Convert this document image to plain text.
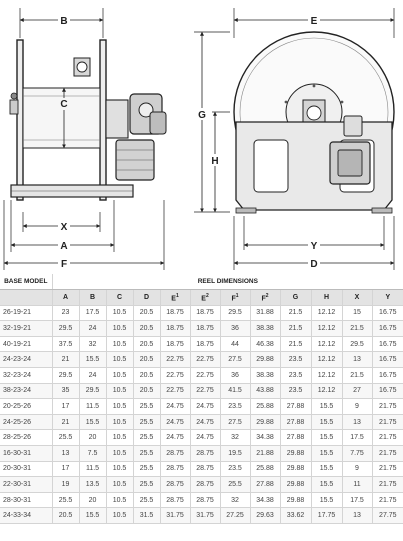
B
C
X
A
F
E
G
H
Y
D
BASE MODEL	REEL DIMENSIONS											
	A	B	C	D	$E^1$	$E^2$	$F^1$	$F^2$	G	H	X	Y
26-19-21	23	17.5	10.5	20.5	18.75	18.75	29.5	31.88	21.5	12.12	15	16.75
32-19-21	29.5	24	10.5	20.5	18.75	18.75	36	38.38	21.5	12.12	21.5	16.75
40-19-21	37.5	32	10.5	20.5	18.75	18.75	44	46.38	21.5	12.12	29.5	16.75
24-23-24	21	15.5	10.5	20.5	22.75	22.75	27.5	29.88	23.5	12.12	13	16.75
32-23-24	29.5	24	10.5	20.5	22.75	22.75	36	38.38	23.5	12.12	21.5	16.75
38-23-24	35	29.5	10.5	20.5	22.75	22.75	41.5	43.88	23.5	12.12	27	16.75
20-25-26	17	11.5	10.5	25.5	24.75	24.75	23.5	25.88	27.88	15.5	9	21.75
24-25-26	21	15.5	10.5	25.5	24.75	24.75	27.5	29.88	27.88	15.5	13	21.75
28-25-26	25.5	20	10.5	25.5	24.75	24.75	32	34.38	27.88	15.5	17.5	21.75
16-30-31	13	7.5	10.5	25.5	28.75	28.75	19.5	21.88	29.88	15.5	7.75	21.75
20-30-31	17	11.5	10.5	25.5	28.75	28.75	23.5	25.88	29.88	15.5	9	21.75
22-30-31	19	13.5	10.5	25.5	28.75	28.75	25.5	27.88	29.88	15.5	11	21.75
28-30-31	25.5	20	10.5	25.5	28.75	28.75	32	34.38	29.88	15.5	17.5	21.75
24-33-34	20.5	15.5	10.5	31.5	31.75	31.75	27.25	29.63	33.62	17.75	13	27.75
